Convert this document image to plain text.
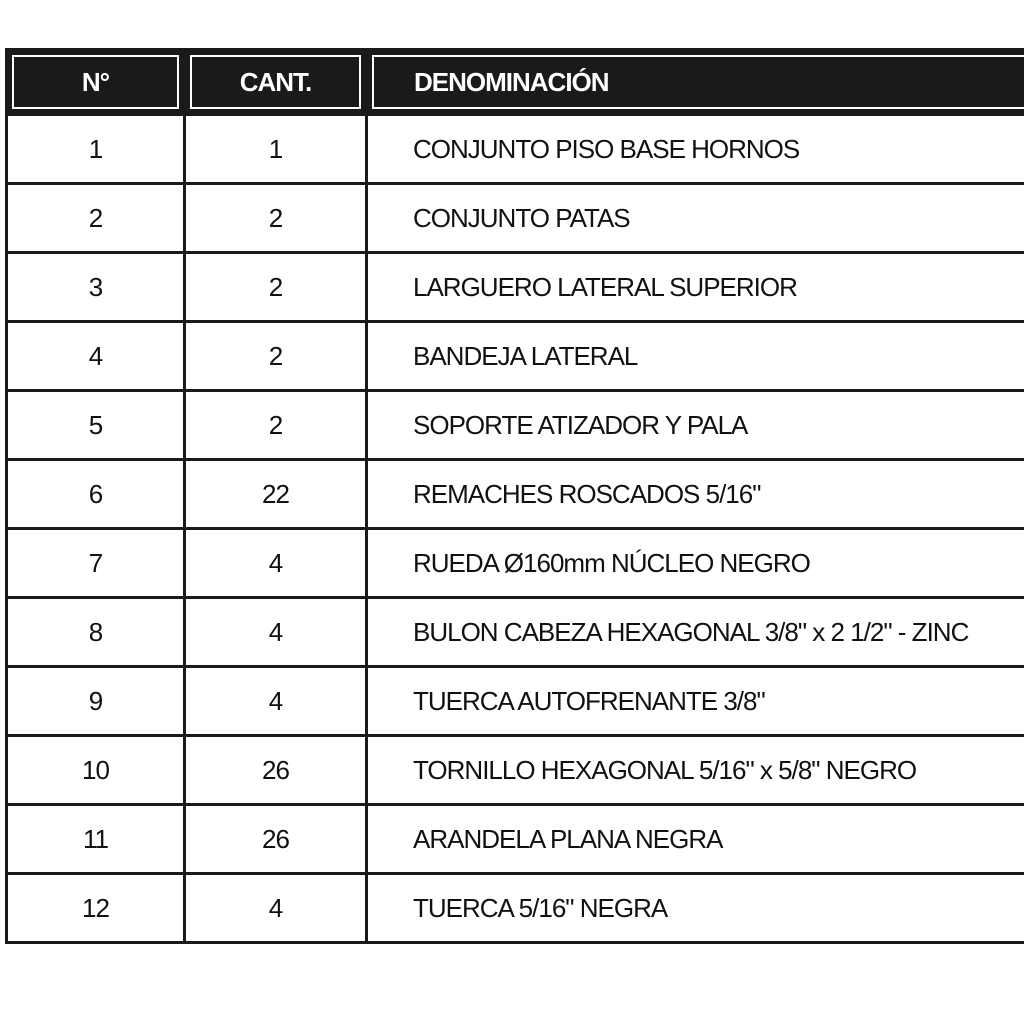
N°	CANT.	DENOMINACIÓN

1	1	CONJUNTO PISO BASE HORNOS
2	2	CONJUNTO PATAS
3	2	LARGUERO LATERAL SUPERIOR
4	2	BANDEJA LATERAL
5	2	SOPORTE ATIZADOR Y PALA
6	22	REMACHES ROSCADOS 5/16"
7	4	RUEDA Ø160mm NÚCLEO NEGRO
8	4	BULON CABEZA HEXAGONAL 3/8" x 2 1/2" - ZINC
9	4	TUERCA AUTOFRENANTE 3/8"
10	26	TORNILLO HEXAGONAL 5/16" x 5/8" NEGRO
11	26	ARANDELA PLANA NEGRA
12	4	TUERCA 5/16" NEGRA
